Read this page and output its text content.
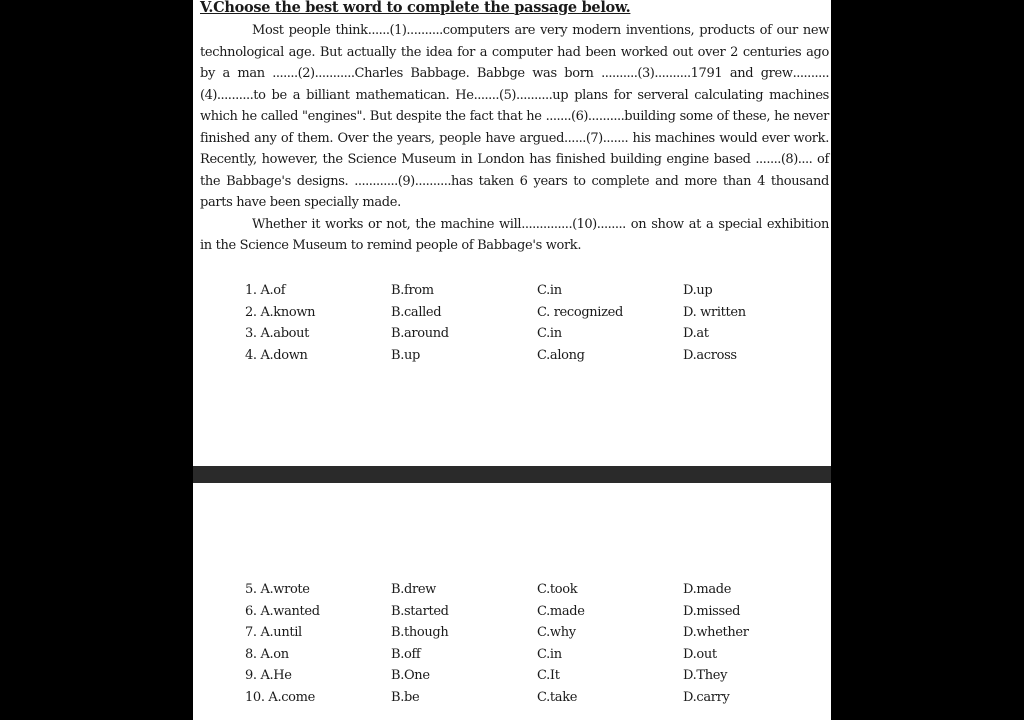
V.Choose the best word to complete the passage below.

Most people think......(1)..........computers are very modern inventions, products of our new technological age. But actually the idea for a computer had been worked out over 2 centuries ago by a man .......(2)...........Charles Babbage. Babbge was born ..........(3)..........1791 and grew..........(4)..........to be a billiant mathematican. He.......(5)..........up plans for serveral calculating machines which he called "engines". But despite the fact that he .......(6)..........building some of these, he never finished any of them. Over the years, people have argued......(7)....... his machines would ever work. Recently, however, the Science Museum in London has finished building engine based .......(8).... of the Babbage's designs. ............(9)..........has taken 6 years to complete and more than 4 thousand parts have been specially made.

Whether it works or not, the machine will..............(10)........ on show at a special exhibition in the Science Museum to remind people of Babbage's work.

1. A.of	B.from	C.in	D.up
2. A.known	B.called	C. recognized	D. written
3. A.about	B.around	C.in	D.at
4. A.down	B.up	C.along	D.across
5. A.wrote	B.drew	C.took	D.made
6. A.wanted	B.started	C.made	D.missed
7. A.until	B.though	C.why	D.whether
8. A.on	B.off	C.in	D.out
9. A.He	B.One	C.It	D.They
10. A.come	B.be	C.take	D.carry
